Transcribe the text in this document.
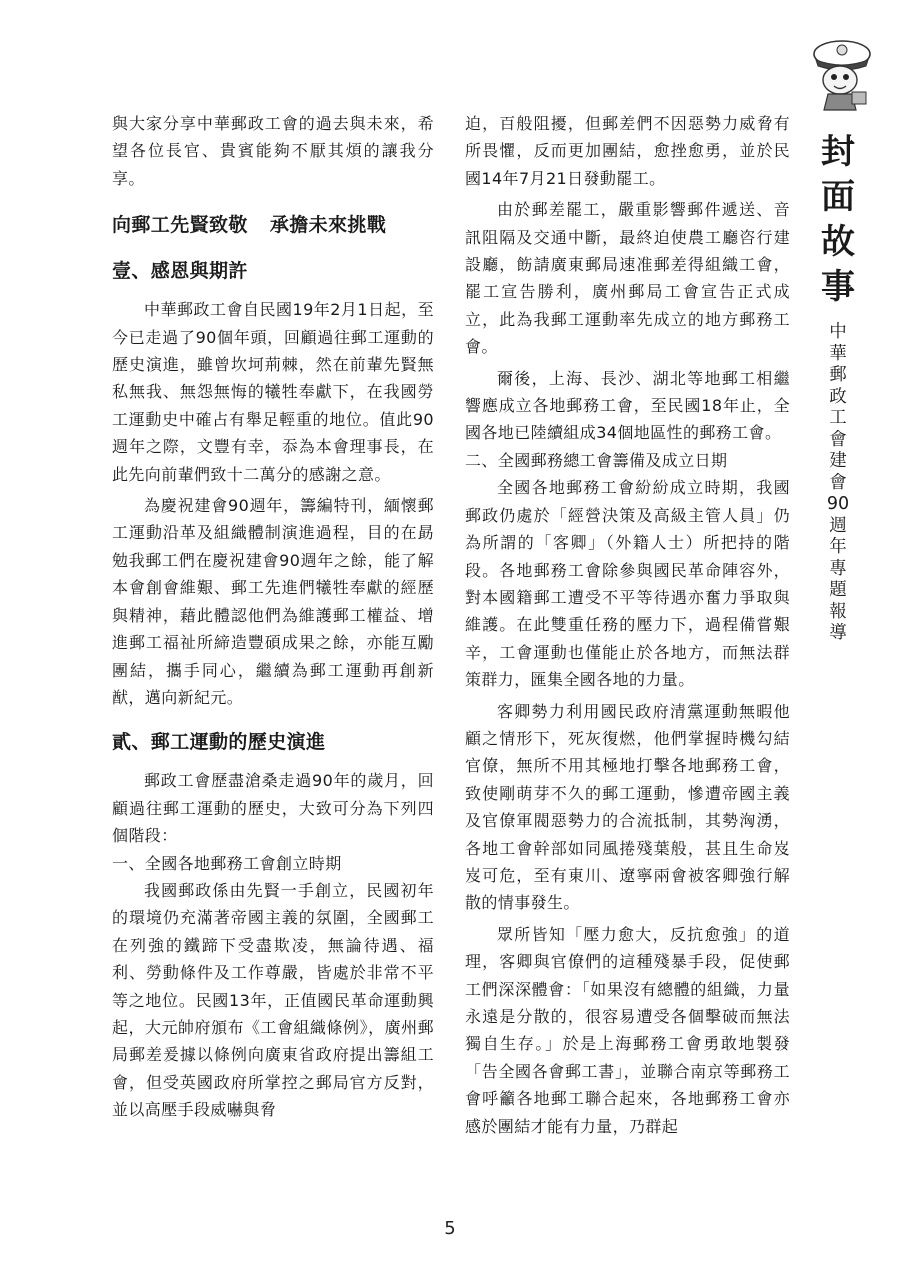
封
面
故
事
中
華
郵
政
工
會
建
會
90
週
年
專
題
報
導

與大家分享中華郵政工會的過去與未來，希望各位長官、貴賓能夠不厭其煩的讓我分享。

向郵工先賢致敬 承擔未來挑戰
壹、感恩與期許

中華郵政工會自民國19年2月1日起，至今已走過了90個年頭，回顧過往郵工運動的歷史演進，雖曾坎坷荊棘，然在前輩先賢無私無我、無怨無悔的犧牲奉獻下，在我國勞工運動史中確占有舉足輕重的地位。值此90週年之際，文豐有幸，忝為本會理事長，在此先向前輩們致十二萬分的感謝之意。

為慶祝建會90週年，籌編特刊，緬懷郵工運動沿革及組織體制演進過程，目的在勗勉我郵工們在慶祝建會90週年之餘，能了解本會創會維艱、郵工先進們犧牲奉獻的經歷與精神，藉此體認他們為維護郵工權益、增進郵工福祉所締造豐碩成果之餘，亦能互勵團結，攜手同心，繼續為郵工運動再創新猷，邁向新紀元。

貳、郵工運動的歷史演進

郵政工會歷盡滄桑走過90年的歲月，回顧過往郵工運動的歷史，大致可分為下列四個階段：

一、全國各地郵務工會創立時期

我國郵政係由先賢一手創立，民國初年的環境仍充滿著帝國主義的氛圍，全國郵工在列強的鐵蹄下受盡欺凌，無論待遇、福利、勞動條件及工作尊嚴，皆處於非常不平等之地位。民國13年，正值國民革命運動興起，大元帥府頒布《工會組織條例》，廣州郵局郵差爰據以條例向廣東省政府提出籌組工會，但受英國政府所掌控之郵局官方反對，並以高壓手段威嚇與脅

迫，百般阻擾，但郵差們不因惡勢力威脅有所畏懼，反而更加團結，愈挫愈勇，並於民國14年7月21日發動罷工。

由於郵差罷工，嚴重影響郵件遞送、音訊阻隔及交通中斷，最終迫使農工廳咨行建設廳，飭請廣東郵局速准郵差得組織工會，罷工宣告勝利，廣州郵局工會宣告正式成立，此為我郵工運動率先成立的地方郵務工會。

爾後，上海、長沙、湖北等地郵工相繼響應成立各地郵務工會，至民國18年止，全國各地已陸續組成34個地區性的郵務工會。

二、全國郵務總工會籌備及成立日期

全國各地郵務工會紛紛成立時期，我國郵政仍處於「經營決策及高級主管人員」仍為所謂的「客卿」（外籍人士）所把持的階段。各地郵務工會除參與國民革命陣容外，對本國籍郵工遭受不平等待遇亦奮力爭取與維護。在此雙重任務的壓力下，過程備嘗艱辛，工會運動也僅能止於各地方，而無法群策群力，匯集全國各地的力量。

客卿勢力利用國民政府清黨運動無暇他顧之情形下，死灰復燃，他們掌握時機勾結官僚，無所不用其極地打擊各地郵務工會，致使剛萌芽不久的郵工運動，慘遭帝國主義及官僚軍閥惡勢力的合流抵制，其勢洶湧，各地工會幹部如同風捲殘葉般，甚且生命岌岌可危，至有東川、遼寧兩會被客卿強行解散的情事發生。

眾所皆知「壓力愈大，反抗愈強」的道理，客卿與官僚們的這種殘暴手段，促使郵工們深深體會：「如果沒有總體的組織，力量永遠是分散的，很容易遭受各個擊破而無法獨自生存。」於是上海郵務工會勇敢地製發「告全國各會郵工書」，並聯合南京等郵務工會呼籲各地郵工聯合起來，各地郵務工會亦感於團結才能有力量，乃群起

5
